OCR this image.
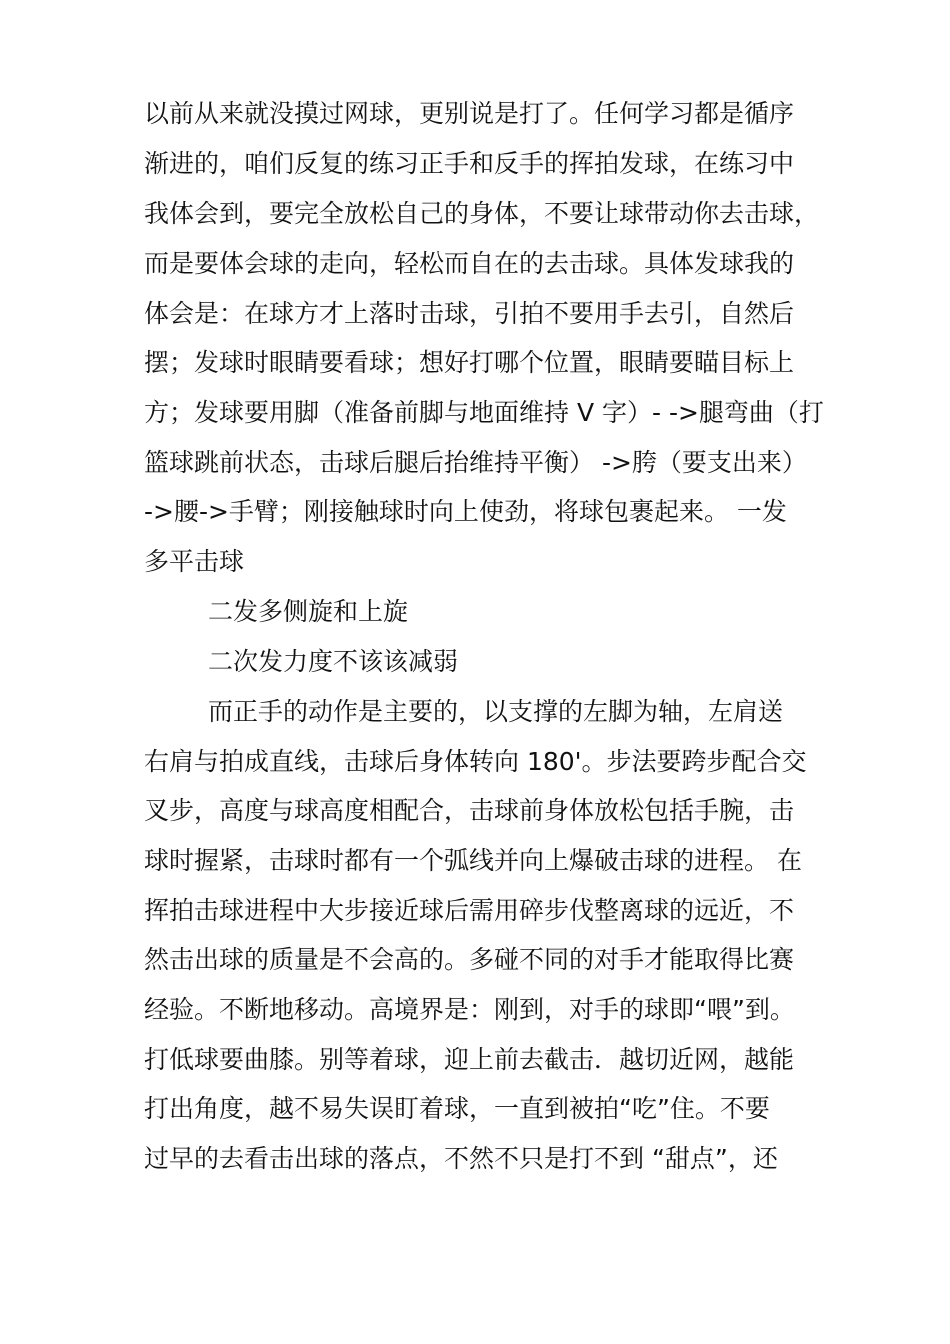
以前从来就没摸过网球，更别说是打了。任何学习都是循序
渐进的，咱们反复的练习正手和反手的挥拍发球，在练习中
我体会到，要完全放松自己的身体，不要让球带动你去击球，
而是要体会球的走向，轻松而自在的去击球。具体发球我的
体会是：在球方才上落时击球，引拍不要用手去引，自然后
摆；发球时眼睛要看球；想好打哪个位置，眼睛要瞄目标上
方；发球要用脚（准备前脚与地面维持 V 字）- ->腿弯曲（打
篮球跳前状态，击球后腿后抬维持平衡） ->胯（要支出来）
->腰->手臂；刚接触球时向上使劲，将球包裹起来。 一发
多平击球
二发多侧旋和上旋
二次发力度不该该减弱
而正手的动作是主要的，以支撑的左脚为轴，左肩送
右肩与拍成直线，击球后身体转向 180'。步法要跨步配合交
叉步，高度与球高度相配合，击球前身体放松包括手腕，击
球时握紧，击球时都有一个弧线并向上爆破击球的进程。 在
挥拍击球进程中大步接近球后需用碎步伐整离球的远近，不
然击出球的质量是不会高的。多碰不同的对手才能取得比赛
经验。不断地移动。高境界是：刚到，对手的球即“喂”到。
打低球要曲膝。别等着球，迎上前去截击．越切近网，越能
打出角度，越不易失误盯着球，一直到被拍“吃”住。不要
过早的去看击出球的落点，不然不只是打不到 “甜点”，还
